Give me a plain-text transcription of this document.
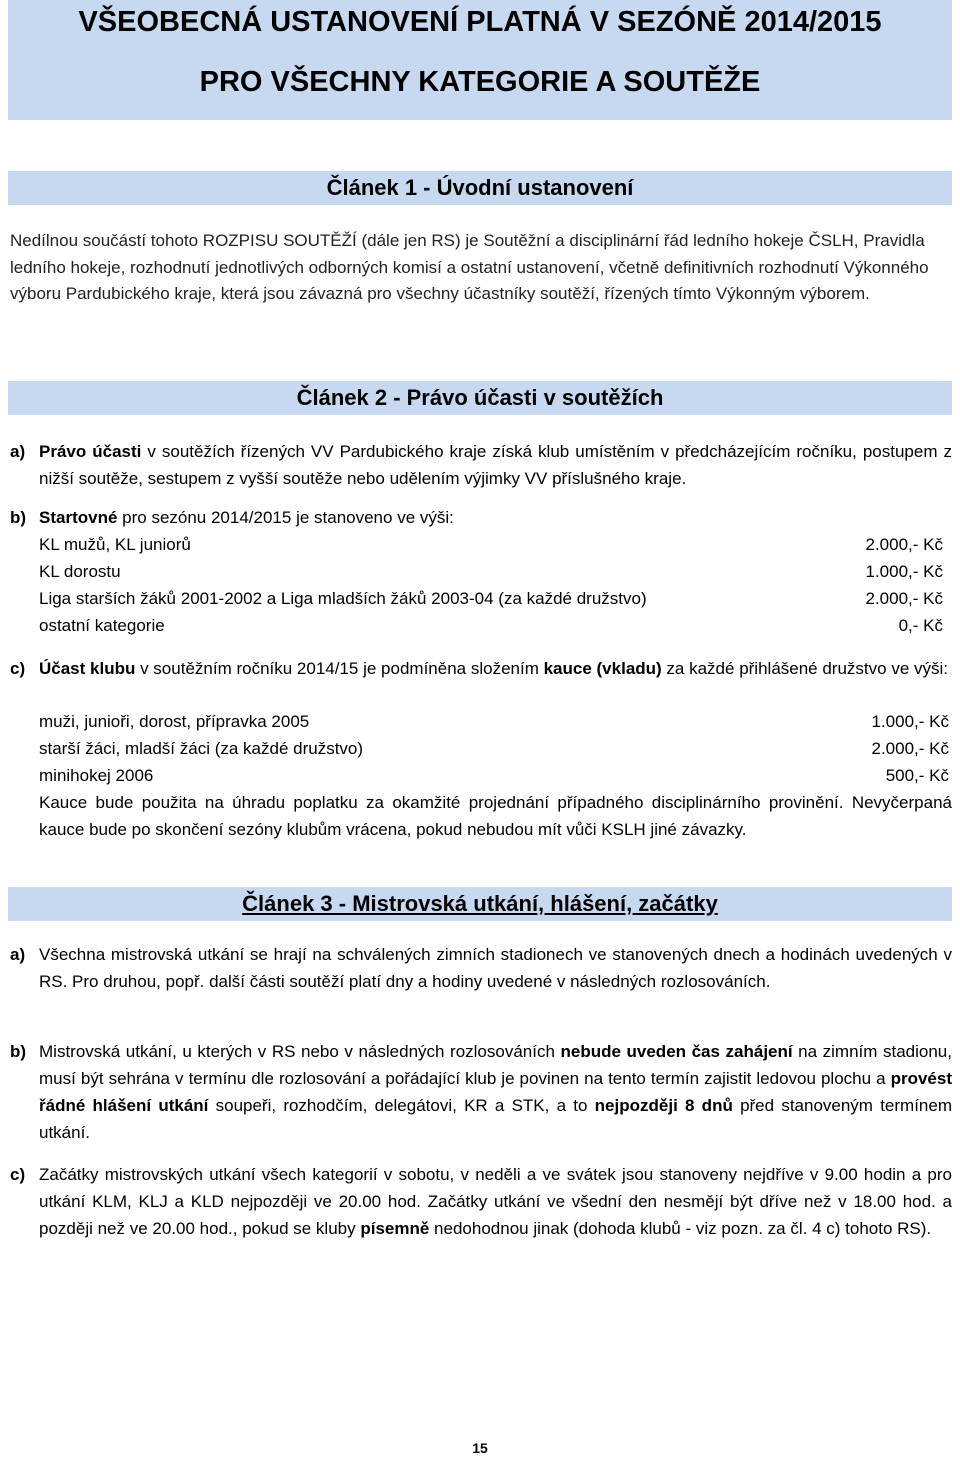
VŠEOBECNÁ USTANOVENÍ PLATNÁ V SEZÓNĚ 2014/2015
PRO VŠECHNY KATEGORIE A SOUTĚŽE
Článek 1 - Úvodní ustanovení
Nedílnou součástí tohoto ROZPISU SOUTĚŽÍ (dále jen RS) je Soutěžní a disciplinární řád ledního hokeje ČSLH, Pravidla ledního hokeje, rozhodnutí jednotlivých odborných komisí a ostatní ustanovení, včetně definitivních rozhodnutí Výkonného výboru Pardubického kraje, která jsou závazná pro všechny účastníky soutěží, řízených tímto Výkonným výborem.
Článek 2 - Právo účasti v soutěžích
a) Právo účasti v soutěžích řízených VV Pardubického kraje získá klub umístěním v předcházejícím ročníku, postupem z nižší soutěže, sestupem z vyšší soutěže nebo udělením výjimky VV příslušného kraje.
b) Startovné pro sezónu 2014/2015 je stanoveno ve výši:
KL mužů, KL juniorů	2.000,- Kč
KL dorostu	1.000,- Kč
Liga starších žáků 2001-2002 a Liga mladších žáků 2003-04 (za každé družstvo)	2.000,- Kč
ostatní kategorie	0,- Kč
c) Účast klubu v soutěžním ročníku 2014/15 je podmíněna složením kauce (vkladu) za každé přihlášené družstvo ve výši:
muži, junioři, dorost, přípravka 2005	1.000,- Kč
starší žáci, mladší žáci (za každé družstvo)	2.000,- Kč
minihokej 2006	500,- Kč
Kauce bude použita na úhradu poplatku za okamžité projednání případného disciplinárního provinění. Nevyčerpaná kauce bude po skončení sezóny klubům vrácena, pokud nebudou mít vůči KSLH jiné závazky.
Článek 3 - Mistrovská utkání, hlášení, začátky
a) Všechna mistrovská utkání se hrají na schválených zimních stadionech ve stanovených dnech a hodinách uvedených v RS. Pro druhou, popř. další části soutěží platí dny a hodiny uvedené v následných rozlosováních.
b) Mistrovská utkání, u kterých v RS nebo v následných rozlosováních nebude uveden čas zahájení na zimním stadionu, musí být sehrána v termínu dle rozlosování a pořádající klub je povinen na tento termín zajistit ledovou plochu a provést řádné hlášení utkání soupeři, rozhodčím, delegátovi, KR a STK, a to nejpozději 8 dnů před stanoveným termínem utkání.
c) Začátky mistrovských utkání všech kategorií v sobotu, v neděli a ve svátek jsou stanoveny nejdříve v 9.00 hodin a pro utkání KLM, KLJ a KLD nejpozději ve 20.00 hod. Začátky utkání ve všední den nesmějí být dříve než v 18.00 hod. a později než ve 20.00 hod., pokud se kluby písemně nedohodnou jinak (dohoda klubů - viz pozn. za čl. 4 c) tohoto RS).
15
